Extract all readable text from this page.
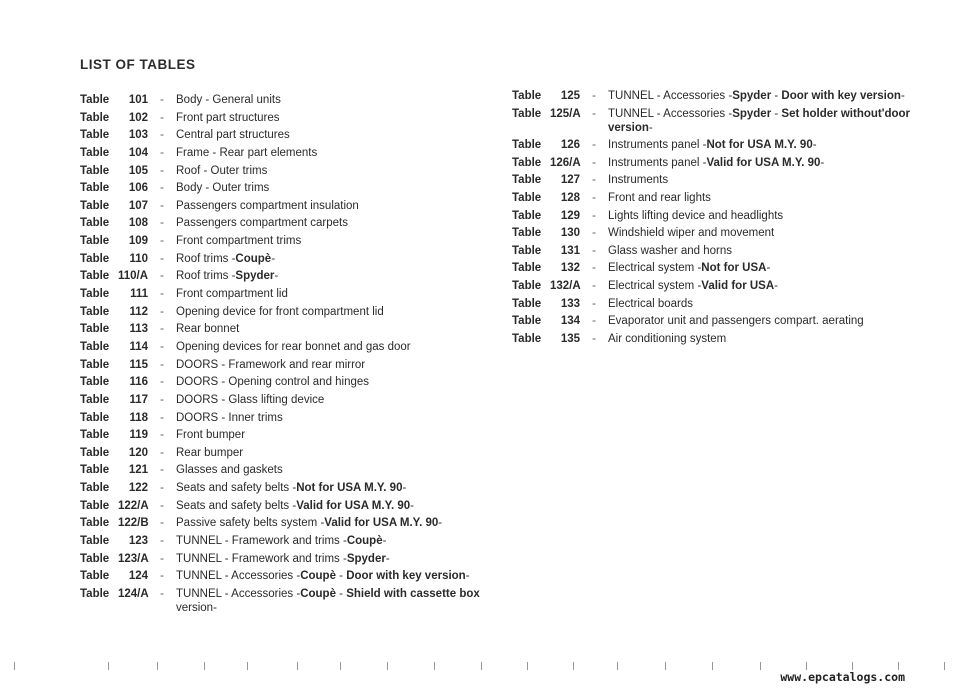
LIST OF TABLES
Table	101	-	Body - General units
Table	102	-	Front part structures
Table	103	-	Central part structures
Table	104	-	Frame - Rear part elements
Table	105	-	Roof - Outer trims
Table	106	-	Body - Outer trims
Table	107	-	Passengers compartment insulation
Table	108	-	Passengers compartment carpets
Table	109	-	Front compartment trims
Table	110	-	Roof trims -Coupè-
Table 110/A	-	Roof trims -Spyder-
Table	111	-	Front compartment lid
Table	112	-	Opening device for front compartment lid
Table	113	-	Rear bonnet
Table	114	-	Opening devices for rear bonnet and gas door
Table	115	-	DOORS - Framework and rear mirror
Table	116	-	DOORS - Opening control and hinges
Table	117	-	DOORS - Glass lifting device
Table	118	-	DOORS - Inner trims
Table	119	-	Front bumper
Table	120	-	Rear bumper
Table	121	-	Glasses and gaskets
Table	122	-	Seats and safety belts -Not for USA M.Y. 90-
Table 122/A -	Seats and safety belts -Valid for USA M.Y. 90-
Table 122/B -	Passive safety belts system -Valid for USA M.Y. 90-
Table	123	-	TUNNEL - Framework and trims -Coupè-
Table 123/A -	TUNNEL - Framework and trims -Spyder-
Table	124	-	TUNNEL - Accessories -Coupè - Door with key version-
Table 124/A -	TUNNEL - Accessories -Coupè - Shield with cassette box version-
Table	125	-	TUNNEL - Accessories -Spyder - Door with key version-
Table 125/A -	TUNNEL - Accessories -Spyder - Set holder without'door version-
Table	126	-	Instruments panel -Not for USA M.Y. 90-
Table 126/A -	Instruments panel -Valid for USA M.Y. 90-
Table	127	-	Instruments
Table	128	-	Front and rear lights
Table	129	-	Lights lifting device and headlights
Table	130	-	Windshield wiper and movement
Table	131	-	Glass washer and horns
Table	132	-	Electrical system -Not for USA-
Table 132/A -	Electrical system -Valid for USA-
Table	133	-	Electrical boards
Table	134	-	Evaporator unit and passengers compart. aerating
Table	135	-	Air conditioning system
www.epcatalogs.com
